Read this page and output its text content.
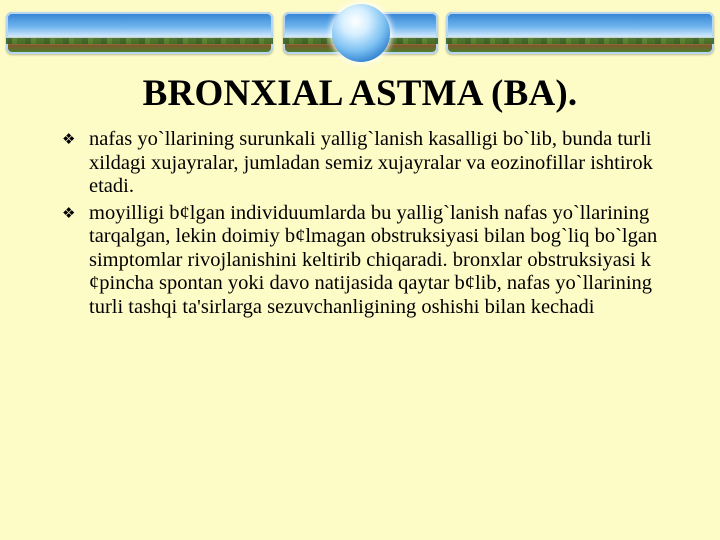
BRONXIAL ASTMA (BA).
❖ nafas yo`llarining surunkali yallig`lanish kasalligi bo`lib, bunda turli xildagi xujayralar, jumladan semiz xujayralar va eozinofillar ishtirok etadi.
❖ moyilligi b¢lgan individuumlarda bu yallig`lanish nafas yo`llarining tarqalgan, lekin doimiy b¢lmagan obstruksiyasi bilan bog`liq bo`lgan simptomlar rivojlanishini keltirib chiqaradi. bronxlar obstruksiyasi k ¢pincha spontan yoki davo natijasida qaytar b¢lib, nafas yo`llarining turli tashqi ta'sirlarga sezuvchanligining oshishi bilan kechadi
